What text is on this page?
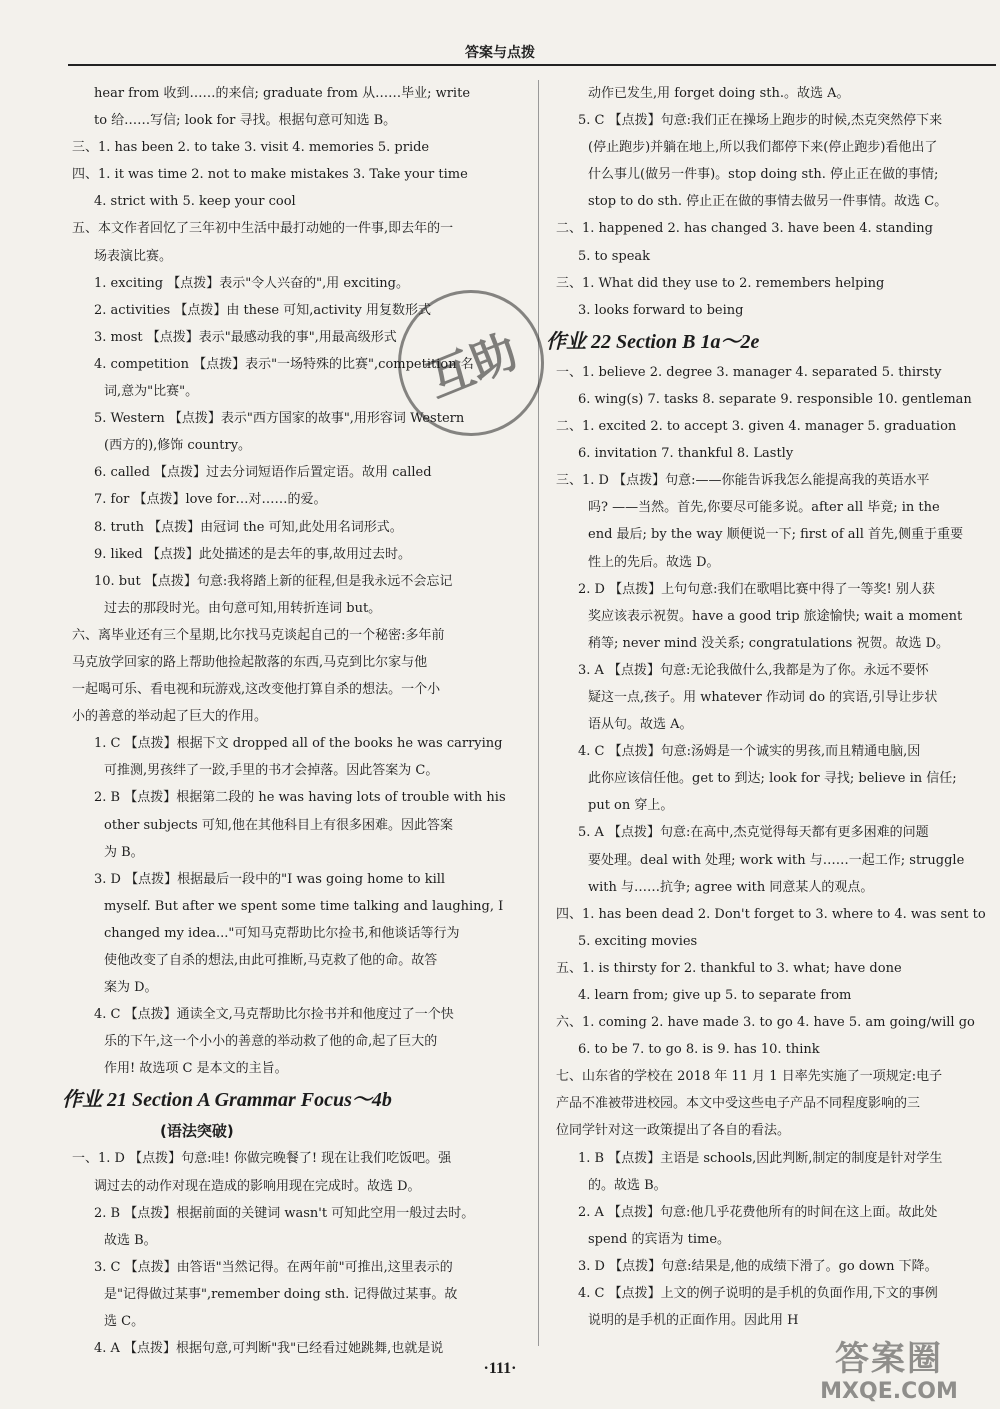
答案与点拨
hear from 收到……的来信; graduate from 从……毕业; write
to 给……写信; look for 寻找。根据句意可知选 B。
三、1. has been 2. to take 3. visit 4. memories 5. pride
四、1. it was time 2. not to make mistakes 3. Take your time
4. strict with 5. keep your cool
五、本文作者回忆了三年初中生活中最打动她的一件事,即去年的一
场表演比赛。
1. exciting 【点拨】表示"令人兴奋的",用 exciting。
2. activities 【点拨】由 these 可知,activity 用复数形式
3. most 【点拨】表示"最感动我的事",用最高级形式
4. competition 【点拨】表示"一场特殊的比赛",competition 名
词,意为"比赛"。
5. Western 【点拨】表示"西方国家的故事",用形容词 Western
(西方的),修饰 country。
6. called 【点拨】过去分词短语作后置定语。故用 called
7. for 【点拨】love for…对……的爱。
8. truth 【点拨】由冠词 the 可知,此处用名词形式。
9. liked 【点拨】此处描述的是去年的事,故用过去时。
10. but 【点拨】句意:我将踏上新的征程,但是我永远不会忘记
过去的那段时光。由句意可知,用转折连词 but。
六、离毕业还有三个星期,比尔找马克谈起自己的一个秘密:多年前
马克放学回家的路上帮助他捡起散落的东西,马克到比尔家与他
一起喝可乐、看电视和玩游戏,这改变他打算自杀的想法。一个小
小的善意的举动起了巨大的作用。
1. C 【点拨】根据下文 dropped all of the books he was carrying
可推测,男孩绊了一跤,手里的书才会掉落。因此答案为 C。
2. B 【点拨】根据第二段的 he was having lots of trouble with his
other subjects 可知,他在其他科目上有很多困难。因此答案
为 B。
3. D 【点拨】根据最后一段中的"I was going home to kill
myself. But after we spent some time talking and laughing, I
changed my idea..."可知马克帮助比尔捡书,和他谈话等行为
使他改变了自杀的想法,由此可推断,马克救了他的命。故答
案为 D。
4. C 【点拨】通读全文,马克帮助比尔捡书并和他度过了一个快
乐的下午,这一个小小的善意的举动救了他的命,起了巨大的
作用! 故选项 C 是本文的主旨。
作业 21 Section A Grammar Focus～4b
(语法突破)
一、1. D 【点拨】句意:哇! 你做完晚餐了! 现在让我们吃饭吧。强
调过去的动作对现在造成的影响用现在完成时。故选 D。
2. B 【点拨】根据前面的关键词 wasn't 可知此空用一般过去时。
故选 B。
3. C 【点拨】由答语"当然记得。在两年前"可推出,这里表示的
是"记得做过某事",remember doing sth. 记得做过某事。故
选 C。
4. A 【点拨】根据句意,可判断"我"已经看过她跳舞,也就是说
动作已发生,用 forget doing sth.。故选 A。
5. C 【点拨】句意:我们正在操场上跑步的时候,杰克突然停下来
(停止跑步)并躺在地上,所以我们都停下来(停止跑步)看他出了
什么事儿(做另一件事)。stop doing sth. 停止正在做的事情;
stop to do sth. 停止正在做的事情去做另一件事情。故选 C。
二、1. happened 2. has changed 3. have been 4. standing
5. to speak
三、1. What did they use to 2. remembers helping
3. looks forward to being
作业 22 Section B 1a～2e
一、1. believe 2. degree 3. manager 4. separated 5. thirsty
6. wing(s) 7. tasks 8. separate 9. responsible 10. gentleman
二、1. excited 2. to accept 3. given 4. manager 5. graduation
6. invitation 7. thankful 8. Lastly
三、1. D 【点拨】句意:——你能告诉我怎么能提高我的英语水平
吗? ——当然。首先,你要尽可能多说。after all 毕竟; in the
end 最后; by the way 顺便说一下; first of all 首先,侧重于重要
性上的先后。故选 D。
2. D 【点拨】上句句意:我们在歌唱比赛中得了一等奖! 别人获
奖应该表示祝贺。have a good trip 旅途愉快; wait a moment
稍等; never mind 没关系; congratulations 祝贺。故选 D。
3. A 【点拨】句意:无论我做什么,我都是为了你。永远不要怀
疑这一点,孩子。用 whatever 作动词 do 的宾语,引导让步状
语从句。故选 A。
4. C 【点拨】句意:汤姆是一个诚实的男孩,而且精通电脑,因
此你应该信任他。get to 到达; look for 寻找; believe in 信任;
put on 穿上。
5. A 【点拨】句意:在高中,杰克觉得每天都有更多困难的问题
要处理。deal with 处理; work with 与……一起工作; struggle
with 与……抗争; agree with 同意某人的观点。
四、1. has been dead 2. Don't forget to 3. where to 4. was sent to
5. exciting movies
五、1. is thirsty for 2. thankful to 3. what; have done
4. learn from; give up 5. to separate from
六、1. coming 2. have made 3. to go 4. have 5. am going/will go
6. to be 7. to go 8. is 9. has 10. think
七、山东省的学校在 2018 年 11 月 1 日率先实施了一项规定:电子
产品不准被带进校园。本文中受这些电子产品不同程度影响的三
位同学针对这一政策提出了各自的看法。
1. B 【点拨】主语是 schools,因此判断,制定的制度是针对学生
的。故选 B。
2. A 【点拨】句意:他几乎花费他所有的时间在这上面。故此处
spend 的宾语为 time。
3. D 【点拨】句意:结果是,他的成绩下滑了。go down 下降。
4. C 【点拨】上文的例子说明的是手机的负面作用,下文的事例
说明的是手机的正面作用。因此用 H
互助
·111·	答案圈
MXQE.COM
